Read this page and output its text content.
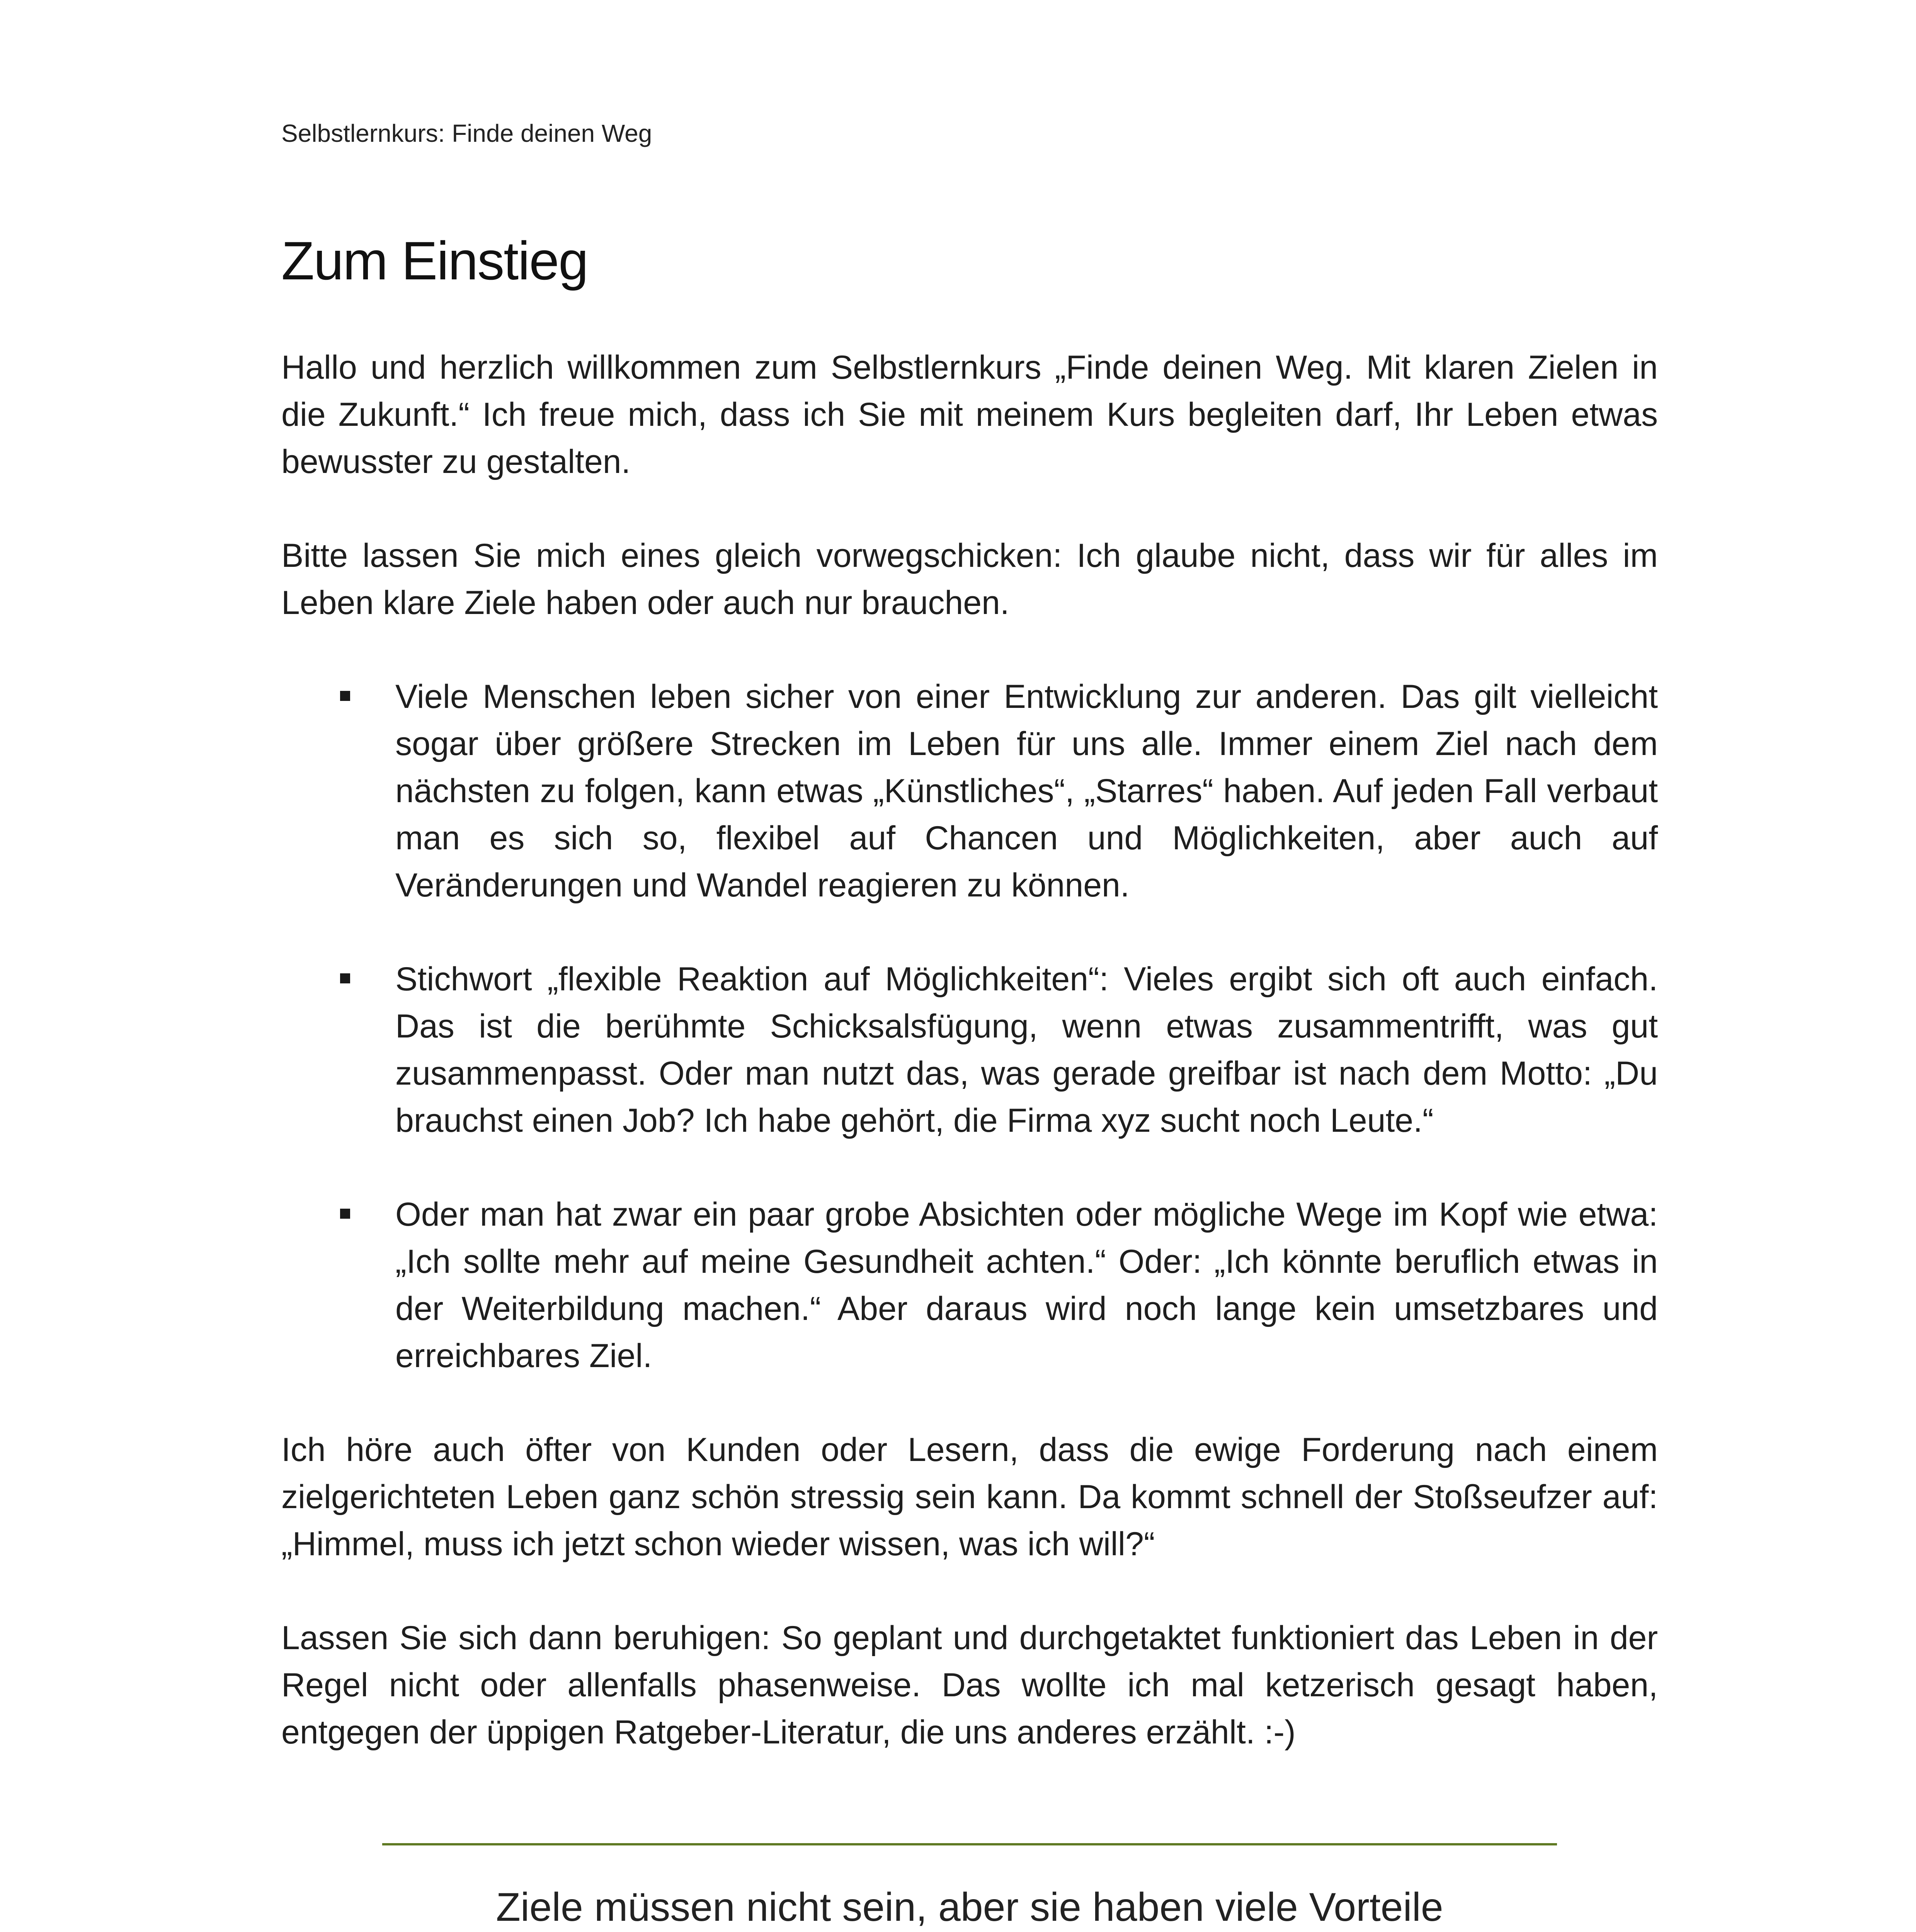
Selbstlernkurs: Finde deinen Weg
Zum Einstieg

Hallo und herzlich willkommen zum Selbstlernkurs „Finde deinen Weg. Mit klaren Zielen in die Zukunft.“ Ich freue mich, dass ich Sie mit meinem Kurs begleiten darf, Ihr Leben etwas bewusster zu gestalten.

Bitte lassen Sie mich eines gleich vorwegschicken: Ich glaube nicht, dass wir für alles im Leben klare Ziele haben oder auch nur brauchen.

Viele Menschen leben sicher von einer Entwicklung zur anderen. Das gilt vielleicht sogar über größere Strecken im Leben für uns alle. Immer einem Ziel nach dem nächsten zu folgen, kann etwas „Künstliches“, „Starres“ haben. Auf jeden Fall verbaut man es sich so, flexibel auf Chancen und Möglichkeiten, aber auch auf Veränderungen und Wandel reagieren zu können.
Stichwort „flexible Reaktion auf Möglichkeiten“: Vieles ergibt sich oft auch einfach. Das ist die berühmte Schicksalsfügung, wenn etwas zusammentrifft, was gut zusammenpasst. Oder man nutzt das, was gerade greifbar ist nach dem Motto: „Du brauchst einen Job? Ich habe gehört, die Firma xyz sucht noch Leute.“
Oder man hat zwar ein paar grobe Absichten oder mögliche Wege im Kopf wie etwa: „Ich sollte mehr auf meine Gesundheit achten.“ Oder: „Ich könnte beruflich etwas in der Weiterbildung machen.“ Aber daraus wird noch lange kein umsetzbares und erreichbares Ziel.

Ich höre auch öfter von Kunden oder Lesern, dass die ewige Forderung nach einem zielgerichteten Leben ganz schön stressig sein kann. Da kommt schnell der Stoßseufzer auf: „Himmel, muss ich jetzt schon wieder wissen, was ich will?“

Lassen Sie sich dann beruhigen: So geplant und durchgetaktet funktioniert das Leben in der Regel nicht oder allenfalls phasenweise. Das wollte ich mal ketzerisch gesagt haben, entgegen der üppigen Ratgeber-Literatur, die uns anderes erzählt. :-)

Ziele müssen nicht sein, aber sie haben viele Vorteile
